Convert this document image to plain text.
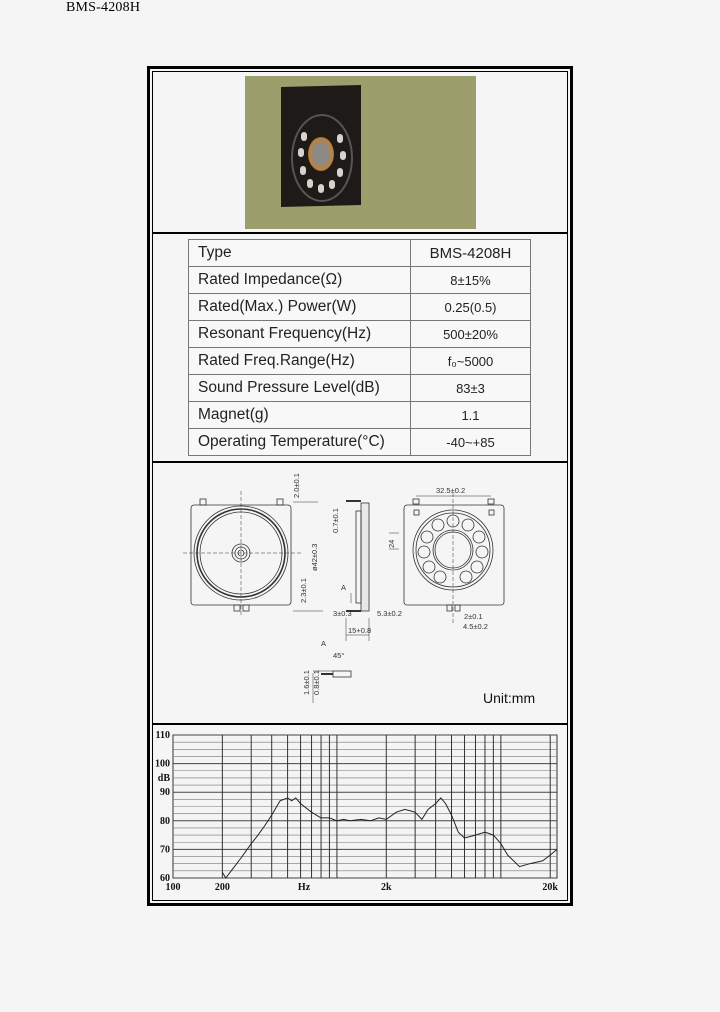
BMS-4208H
Type	BMS-4208H
Rated Impedance(Ω)	8±15%
Rated(Max.) Power(W)	0.25(0.5)
Resonant Frequency(Hz)	500±20%
Rated Freq.Range(Hz)	f₀~5000
Sound Pressure Level(dB)	83±3
Magnet(g)	1.1
Operating Temperature(°C)	-40~+85
2.0±0.1
ø42±0.3
2.3±0.1
0.7±0.1
A
3±0.3
15+0.8
5.3±0.2
24
32.5±0.2
2±0.1
4.5±0.2
A
45°
1.6±0.1 0.8±0.1
Unit:mm
110
100
dB
90
80
70
60
100	200	Hz	2k	20k
